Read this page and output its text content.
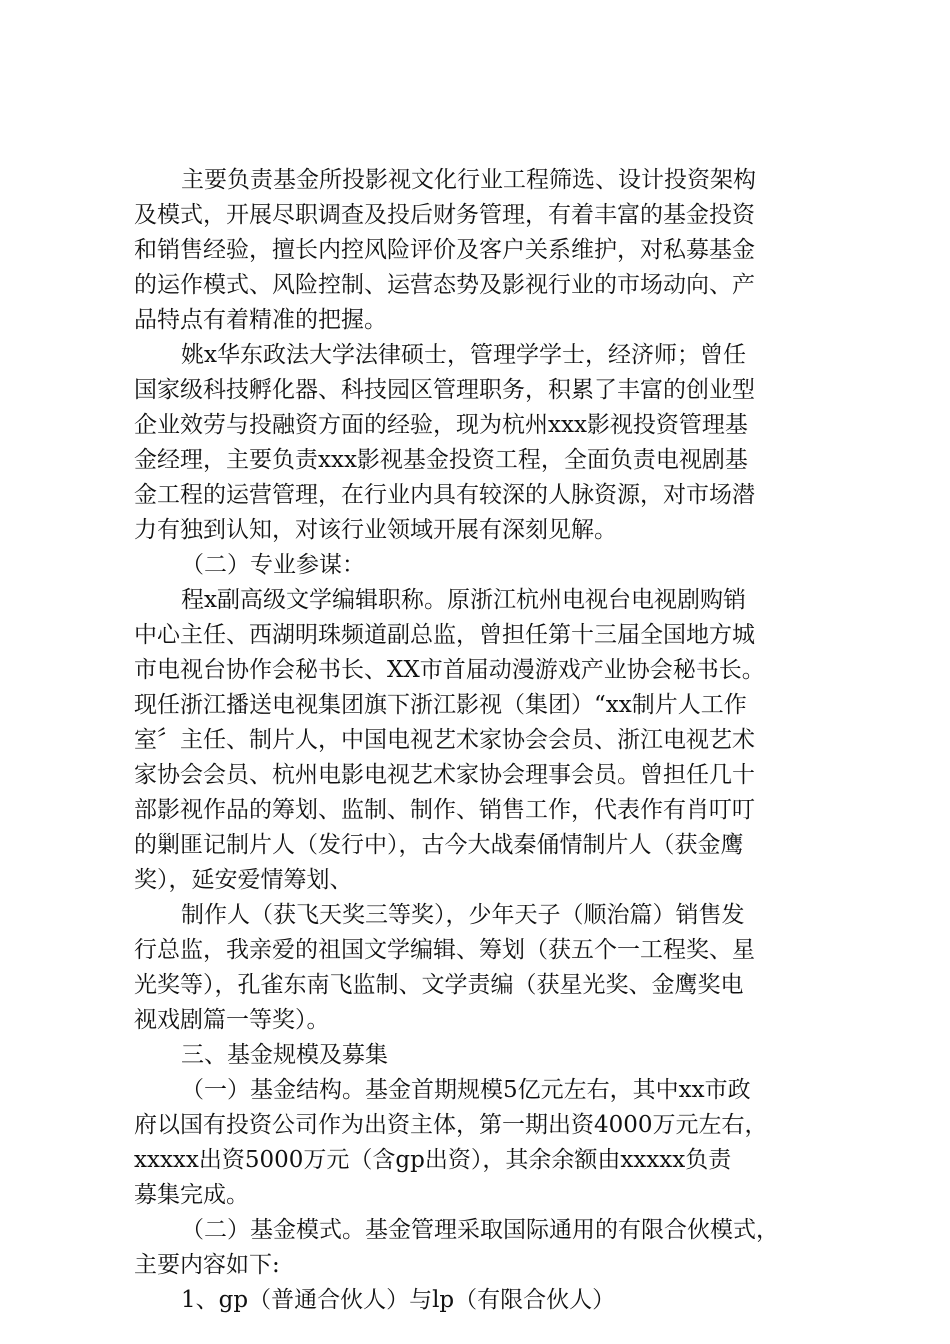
主要负责基金所投影视文化行业工程筛选、设计投资架构
及模式，开展尽职调查及投后财务管理，有着丰富的基金投资
和销售经验，擅长内控风险评价及客户关系维护，对私募基金
的运作模式、风险控制、运营态势及影视行业的市场动向、产
品特点有着精准的把握。
姚x华东政法大学法律硕士，管理学学士，经济师；曾任
国家级科技孵化器、科技园区管理职务，积累了丰富的创业型
企业效劳与投融资方面的经验，现为杭州xxx影视投资管理基
金经理，主要负责xxx影视基金投资工程，全面负责电视剧基
金工程的运营管理，在行业内具有较深的人脉资源，对市场潜
力有独到认知，对该行业领域开展有深刻见解。
（二）专业参谋：
程x副高级文学编辑职称。原浙江杭州电视台电视剧购销
中心主任、西湖明珠频道副总监，曾担任第十三届全国地方城
市电视台协作会秘书长、XX市首届动漫游戏产业协会秘书长。
现任浙江播送电视集团旗下浙江影视（集团）“xx制片人工作
室〞主任、制片人，中国电视艺术家协会会员、浙江电视艺术
家协会会员、杭州电影电视艺术家协会理事会员。曾担任几十
部影视作品的筹划、监制、制作、销售工作，代表作有肖叮叮
的剿匪记制片人（发行中），古今大战秦俑情制片人（获金鹰
奖），延安爱情筹划、
制作人（获飞天奖三等奖），少年天子（顺治篇）销售发
行总监，我亲爱的祖国文学编辑、筹划（获五个一工程奖、星
光奖等），孔雀东南飞监制、文学责编（获星光奖、金鹰奖电
视戏剧篇一等奖）。
三、基金规模及募集
（一）基金结构。基金首期规模5亿元左右，其中xx市政
府以国有投资公司作为出资主体，第一期出资4000万元左右，
xxxxx出资5000万元（含gp出资），其余余额由xxxxx负责
募集完成。
（二）基金模式。基金管理采取国际通用的有限合伙模式，
主要内容如下:
1、gp（普通合伙人）与lp（有限合伙人）
